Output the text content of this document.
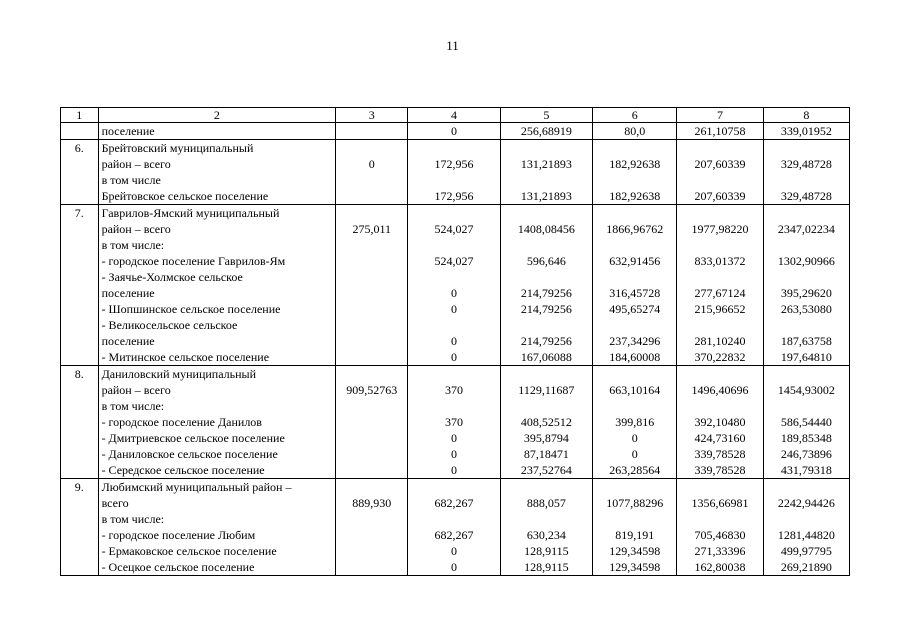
11
1	2	3	4	5	6	7	8
	поселение		0	256,68919	80,0	261,10758	339,01952
6.	Брейтовский муниципальный						
	район – всего	0	172,956	131,21893	182,92638	207,60339	329,48728
	в том числе						
	Брейтовское сельское поселение		172,956	131,21893	182,92638	207,60339	329,48728
7.	Гаврилов-Ямский муниципальный						
	район – всего	275,011	524,027	1408,08456	1866,96762	1977,98220	2347,02234
	в том числе:						
	- городское поселение Гаврилов-Ям		524,027	596,646	632,91456	833,01372	1302,90966
	- Заячье-Холмское сельское						
	поселение		0	214,79256	316,45728	277,67124	395,29620
	- Шопшинское сельское поселение		0	214,79256	495,65274	215,96652	263,53080
	- Великосельское сельское						
	поселение		0	214,79256	237,34296	281,10240	187,63758
	- Митинское сельское поселение		0	167,06088	184,60008	370,22832	197,64810
8.	Даниловский муниципальный						
	район – всего	909,52763	370	1129,11687	663,10164	1496,40696	1454,93002
	в том числе:						
	- городское поселение Данилов		370	408,52512	399,816	392,10480	586,54440
	- Дмитриевское сельское поселение		0	395,8794	0	424,73160	189,85348
	- Даниловское сельское поселение		0	87,18471	0	339,78528	246,73896
	- Середское сельское поселение		0	237,52764	263,28564	339,78528	431,79318
9.	Любимский муниципальный район –						
	всего	889,930	682,267	888,057	1077,88296	1356,66981	2242,94426
	в том числе:						
	- городское поселение Любим		682,267	630,234	819,191	705,46830	1281,44820
	- Ермаковское сельское поселение		0	128,9115	129,34598	271,33396	499,97795
	- Осецкое сельское поселение		0	128,9115	129,34598	162,80038	269,21890
